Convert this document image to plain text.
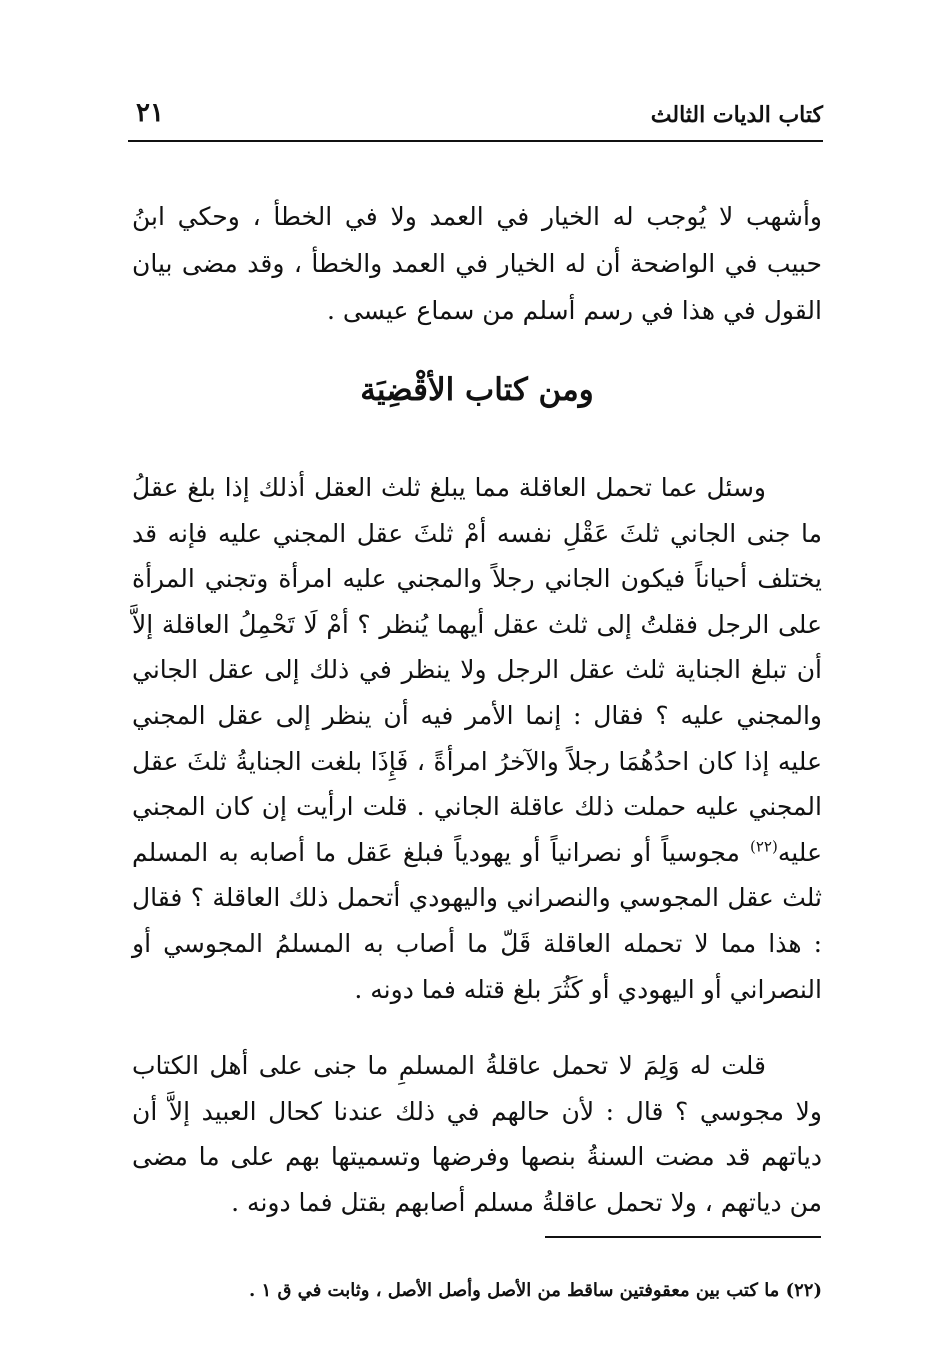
كتاب الديات الثالث
٢١

وأشهب لا يُوجب له الخيار في العمد ولا في الخطأ ، وحكي ابنُ حبيب في الواضحة أن له الخيار في العمد والخطأ ، وقد مضى بيان القول في هذا في رسم أسلم من سماع عيسى .

ومن كتاب الأقْضِيَة

وسئل عما تحمل العاقلة مما يبلغ ثلث العقل أذلك إذا بلغ عقلُ ما جنى الجاني ثلثَ عَقْلِ نفسه أمْ ثلثَ عقل المجني عليه فإنه قد يختلف أحياناً فيكون الجاني رجلاً والمجني عليه امرأة وتجني المرأة على الرجل فقلتُ إلى ثلث عقل أيهما يُنظر ؟ أمْ لَا تَحْمِلُ العاقلة إلاَّ أن تبلغ الجناية ثلث عقل الرجل ولا ينظر في ذلك إلى عقل الجاني والمجني عليه ؟ فقال : إنما الأمر فيه أن ينظر إلى عقل المجني عليه إذا كان احدُهُمَا رجلاً والآخرُ امرأةً ، فَإِذَا بلغت الجنايةُ ثلثَ عقل المجني عليه حملت ذلك عاقلة الجاني . قلت ارأيت إن كان المجني عليه$^{(٢٢)}$ مجوسياً أو نصرانياً أو يهودياً فبلغ عَقل ما أصابه به المسلم ثلث عقل المجوسي والنصراني واليهودي أتحمل ذلك العاقلة ؟ فقال : هذا مما لا تحمله العاقلة قَلّ ما أصاب به المسلمُ المجوسي أو النصراني أو اليهودي أو كَثُرَ بلغ قتله فما دونه .

قلت له وَلِمَ لا تحمل عاقلةُ المسلمِ ما جنى على أهل الكتاب ولا مجوسي ؟ قال : لأن حالهم في ذلك عندنا كحال العبيد إلاَّ أن دياتهم قد مضت السنةُ بنصها وفرضها وتسميتها بهم على ما مضى من دياتهم ، ولا تحمل عاقلةُ مسلم أصابهم بقتل فما دونه .

(٢٢) ما كتب بين معقوفتين ساقط من الأصل وأصل الأصل ، وثابت في ق ١ .
